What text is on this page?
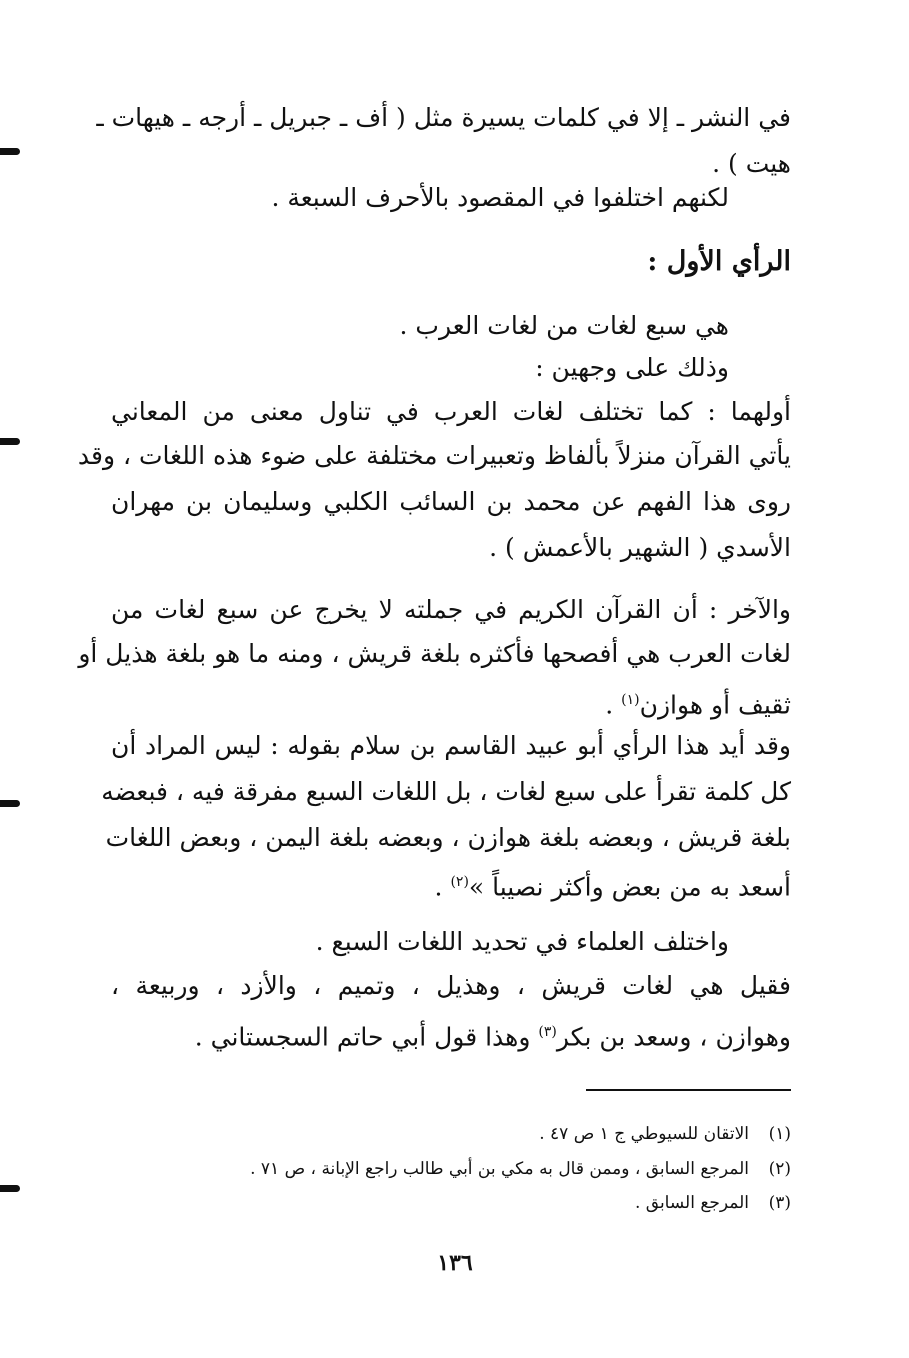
في النشر ـ إلا في كلمات يسيرة مثل ( أف ـ جبريل ـ أرجه ـ هيهات ـ
هيت ) .
لكنهم اختلفوا في المقصود بالأحرف السبعة .
الرأي الأول :
هي سبع لغات من لغات العرب .
وذلك على وجهين :
أولهما : كما تختلف لغات العرب في تناول معنى من المعاني
يأتي القرآن منزلاً بألفاظ وتعبيرات مختلفة على ضوء هذه اللغات ، وقد
روى هذا الفهم عن محمد بن السائب الكلبي وسليمان بن مهران
الأسدي ( الشهير بالأعمش ) .
والآخر : أن القرآن الكريم في جملته لا يخرج عن سبع لغات من
لغات العرب هي أفصحها فأكثره بلغة قريش ، ومنه ما هو بلغة هذيل أو
ثقيف أو هوازن$^{(١)}$ .
وقد أيد هذا الرأي أبو عبيد القاسم بن سلام بقوله : ليس المراد أن
كل كلمة تقرأ على سبع لغات ، بل اللغات السبع مفرقة فيه ، فبعضه
بلغة قريش ، وبعضه بلغة هوازن ، وبعضه بلغة اليمن ، وبعض اللغات
أسعد به من بعض وأكثر نصيباً »$^{(٢)}$ .
واختلف العلماء في تحديد اللغات السبع .
فقيل هي لغات قريش ، وهذيل ، وتميم ، والأزد ، وربيعة ،
وهوازن ، وسعد بن بكر$^{(٣)}$ وهذا قول أبي حاتم السجستاني .
(١)الاتقان للسيوطي ج ١ ص ٤٧ .
(٢)المرجع السابق ، وممن قال به مكي بن أبي طالب راجع الإبانة ، ص ٧١ .
(٣)المرجع السابق .
١٣٦
